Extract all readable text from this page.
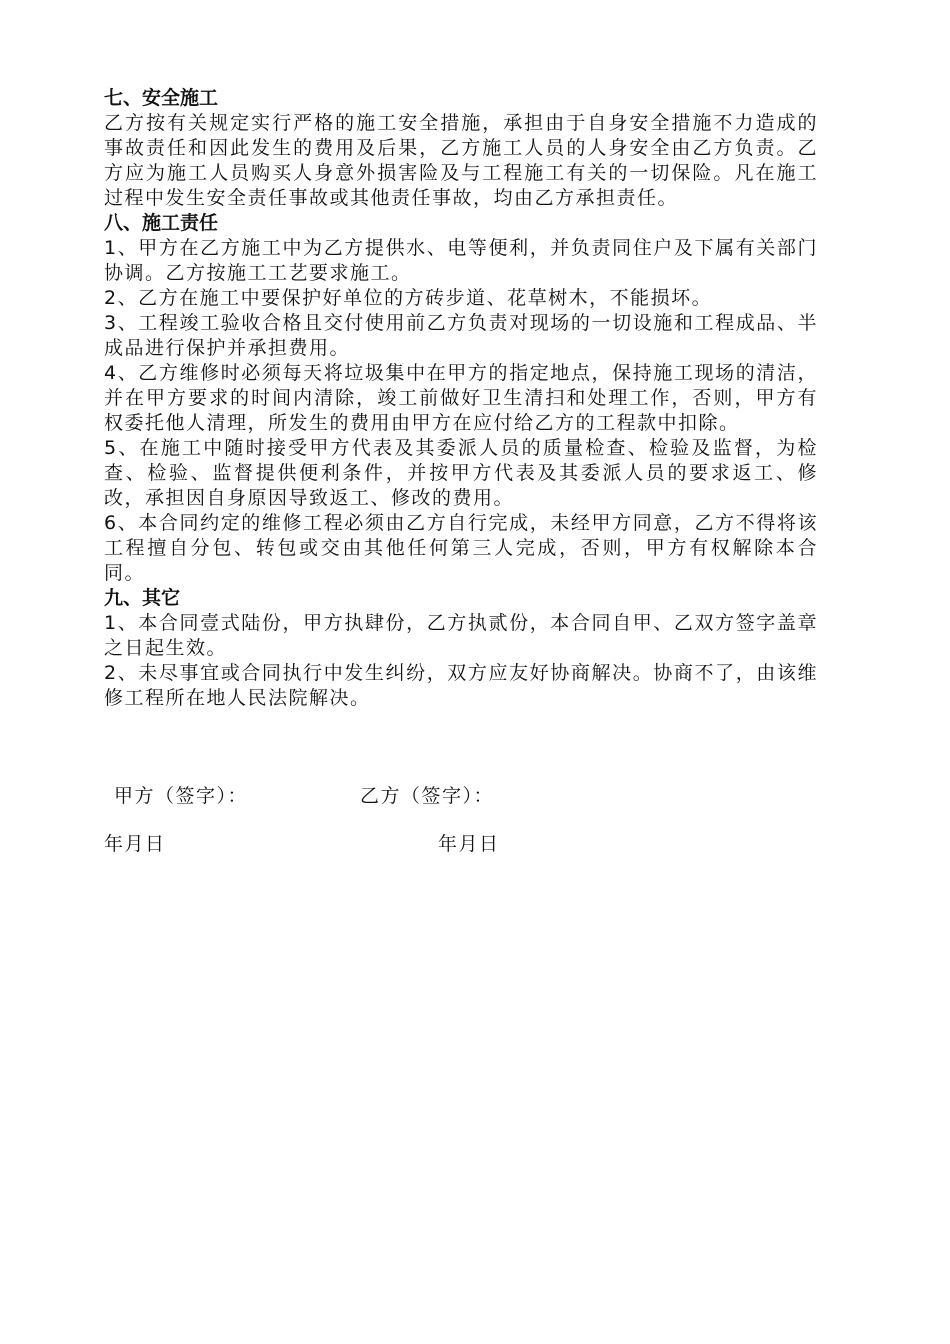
七、安全施工

乙方按有关规定实行严格的施工安全措施，承担由于自身安全措施不力造成的事故责任和因此发生的费用及后果，乙方施工人员的人身安全由乙方负责。乙方应为施工人员购买人身意外损害险及与工程施工有关的一切保险。凡在施工过程中发生安全责任事故或其他责任事故，均由乙方承担责任。

八、施工责任

1、甲方在乙方施工中为乙方提供水、电等便利，并负责同住户及下属有关部门协调。乙方按施工工艺要求施工。

2、乙方在施工中要保护好单位的方砖步道、花草树木，不能损坏。

3、工程竣工验收合格且交付使用前乙方负责对现场的一切设施和工程成品、半成品进行保护并承担费用。

4、乙方维修时必须每天将垃圾集中在甲方的指定地点，保持施工现场的清洁，并在甲方要求的时间内清除，竣工前做好卫生清扫和处理工作，否则，甲方有权委托他人清理，所发生的费用由甲方在应付给乙方的工程款中扣除。

5、在施工中随时接受甲方代表及其委派人员的质量检查、检验及监督，为检查、检验、监督提供便利条件，并按甲方代表及其委派人员的要求返工、修改，承担因自身原因导致返工、修改的费用。

6、本合同约定的维修工程必须由乙方自行完成，未经甲方同意，乙方不得将该工程擅自分包、转包或交由其他任何第三人完成，否则，甲方有权解除本合同。

九、其它

1、本合同壹式陆份，甲方执肆份，乙方执贰份，本合同自甲、乙双方签字盖章之日起生效。

2、未尽事宜或合同执行中发生纠纷，双方应友好协商解决。协商不了，由该维修工程所在地人民法院解决。

甲方（签字）：	乙方（签字）：
年月日	年月日
